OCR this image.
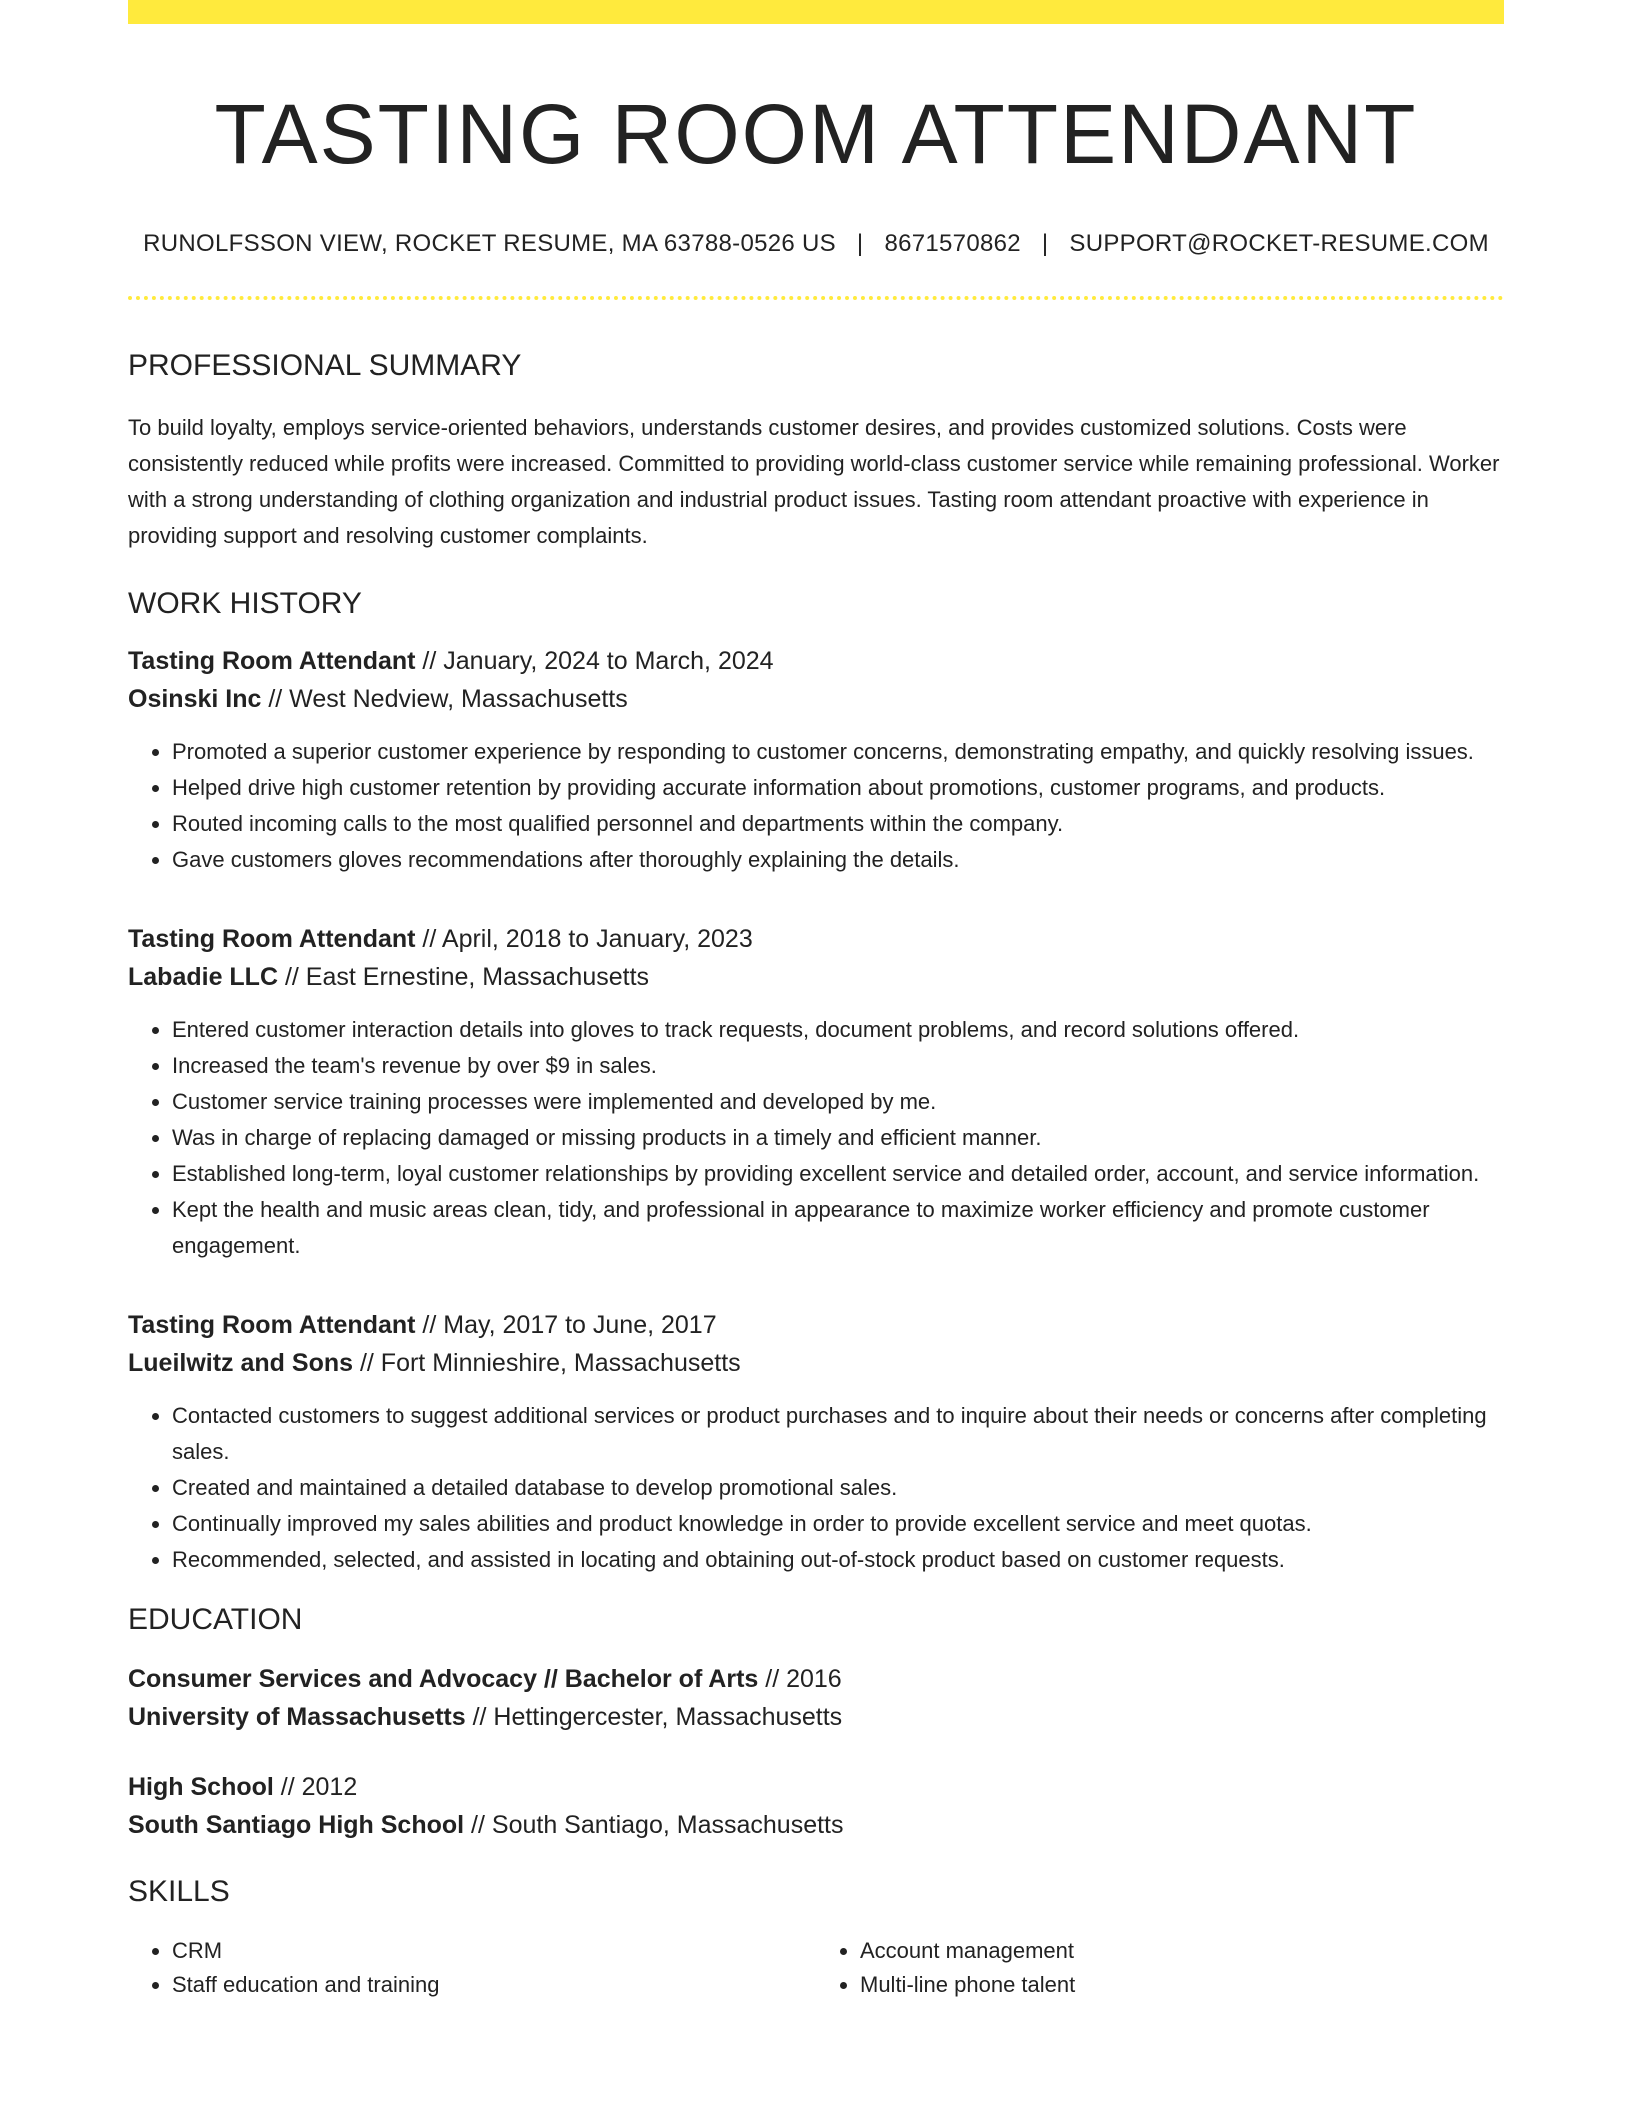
TASTING ROOM ATTENDANT
RUNOLFSSON VIEW, ROCKET RESUME, MA 63788-0526 US | 8671570862 | SUPPORT@ROCKET-RESUME.COM
PROFESSIONAL SUMMARY

To build loyalty, employs service-oriented behaviors, understands customer desires, and provides customized solutions. Costs were consistently reduced while profits were increased. Committed to providing world-class customer service while remaining professional. Worker with a strong understanding of clothing organization and industrial product issues. Tasting room attendant proactive with experience in providing support and resolving customer complaints.

WORK HISTORY
Tasting Room Attendant // January, 2024 to March, 2024
Osinski Inc // West Nedview, Massachusetts
• Promoted a superior customer experience by responding to customer concerns, demonstrating empathy, and quickly resolving issues.
• Helped drive high customer retention by providing accurate information about promotions, customer programs, and products.
• Routed incoming calls to the most qualified personnel and departments within the company.
• Gave customers gloves recommendations after thoroughly explaining the details.
Tasting Room Attendant // April, 2018 to January, 2023
Labadie LLC // East Ernestine, Massachusetts
• Entered customer interaction details into gloves to track requests, document problems, and record solutions offered.
• Increased the team's revenue by over $9 in sales.
• Customer service training processes were implemented and developed by me.
• Was in charge of replacing damaged or missing products in a timely and efficient manner.
• Established long-term, loyal customer relationships by providing excellent service and detailed order, account, and service information.
• Kept the health and music areas clean, tidy, and professional in appearance to maximize worker efficiency and promote customer engagement.
Tasting Room Attendant // May, 2017 to June, 2017
Lueilwitz and Sons // Fort Minnieshire, Massachusetts
• Contacted customers to suggest additional services or product purchases and to inquire about their needs or concerns after completing sales.
• Created and maintained a detailed database to develop promotional sales.
• Continually improved my sales abilities and product knowledge in order to provide excellent service and meet quotas.
• Recommended, selected, and assisted in locating and obtaining out-of-stock product based on customer requests.
EDUCATION
Consumer Services and Advocacy // Bachelor of Arts // 2016
University of Massachusetts // Hettingercester, Massachusetts
High School // 2012
South Santiago High School // South Santiago, Massachusetts
SKILLS
• CRM
• Staff education and training
• Account management
• Multi-line phone talent
